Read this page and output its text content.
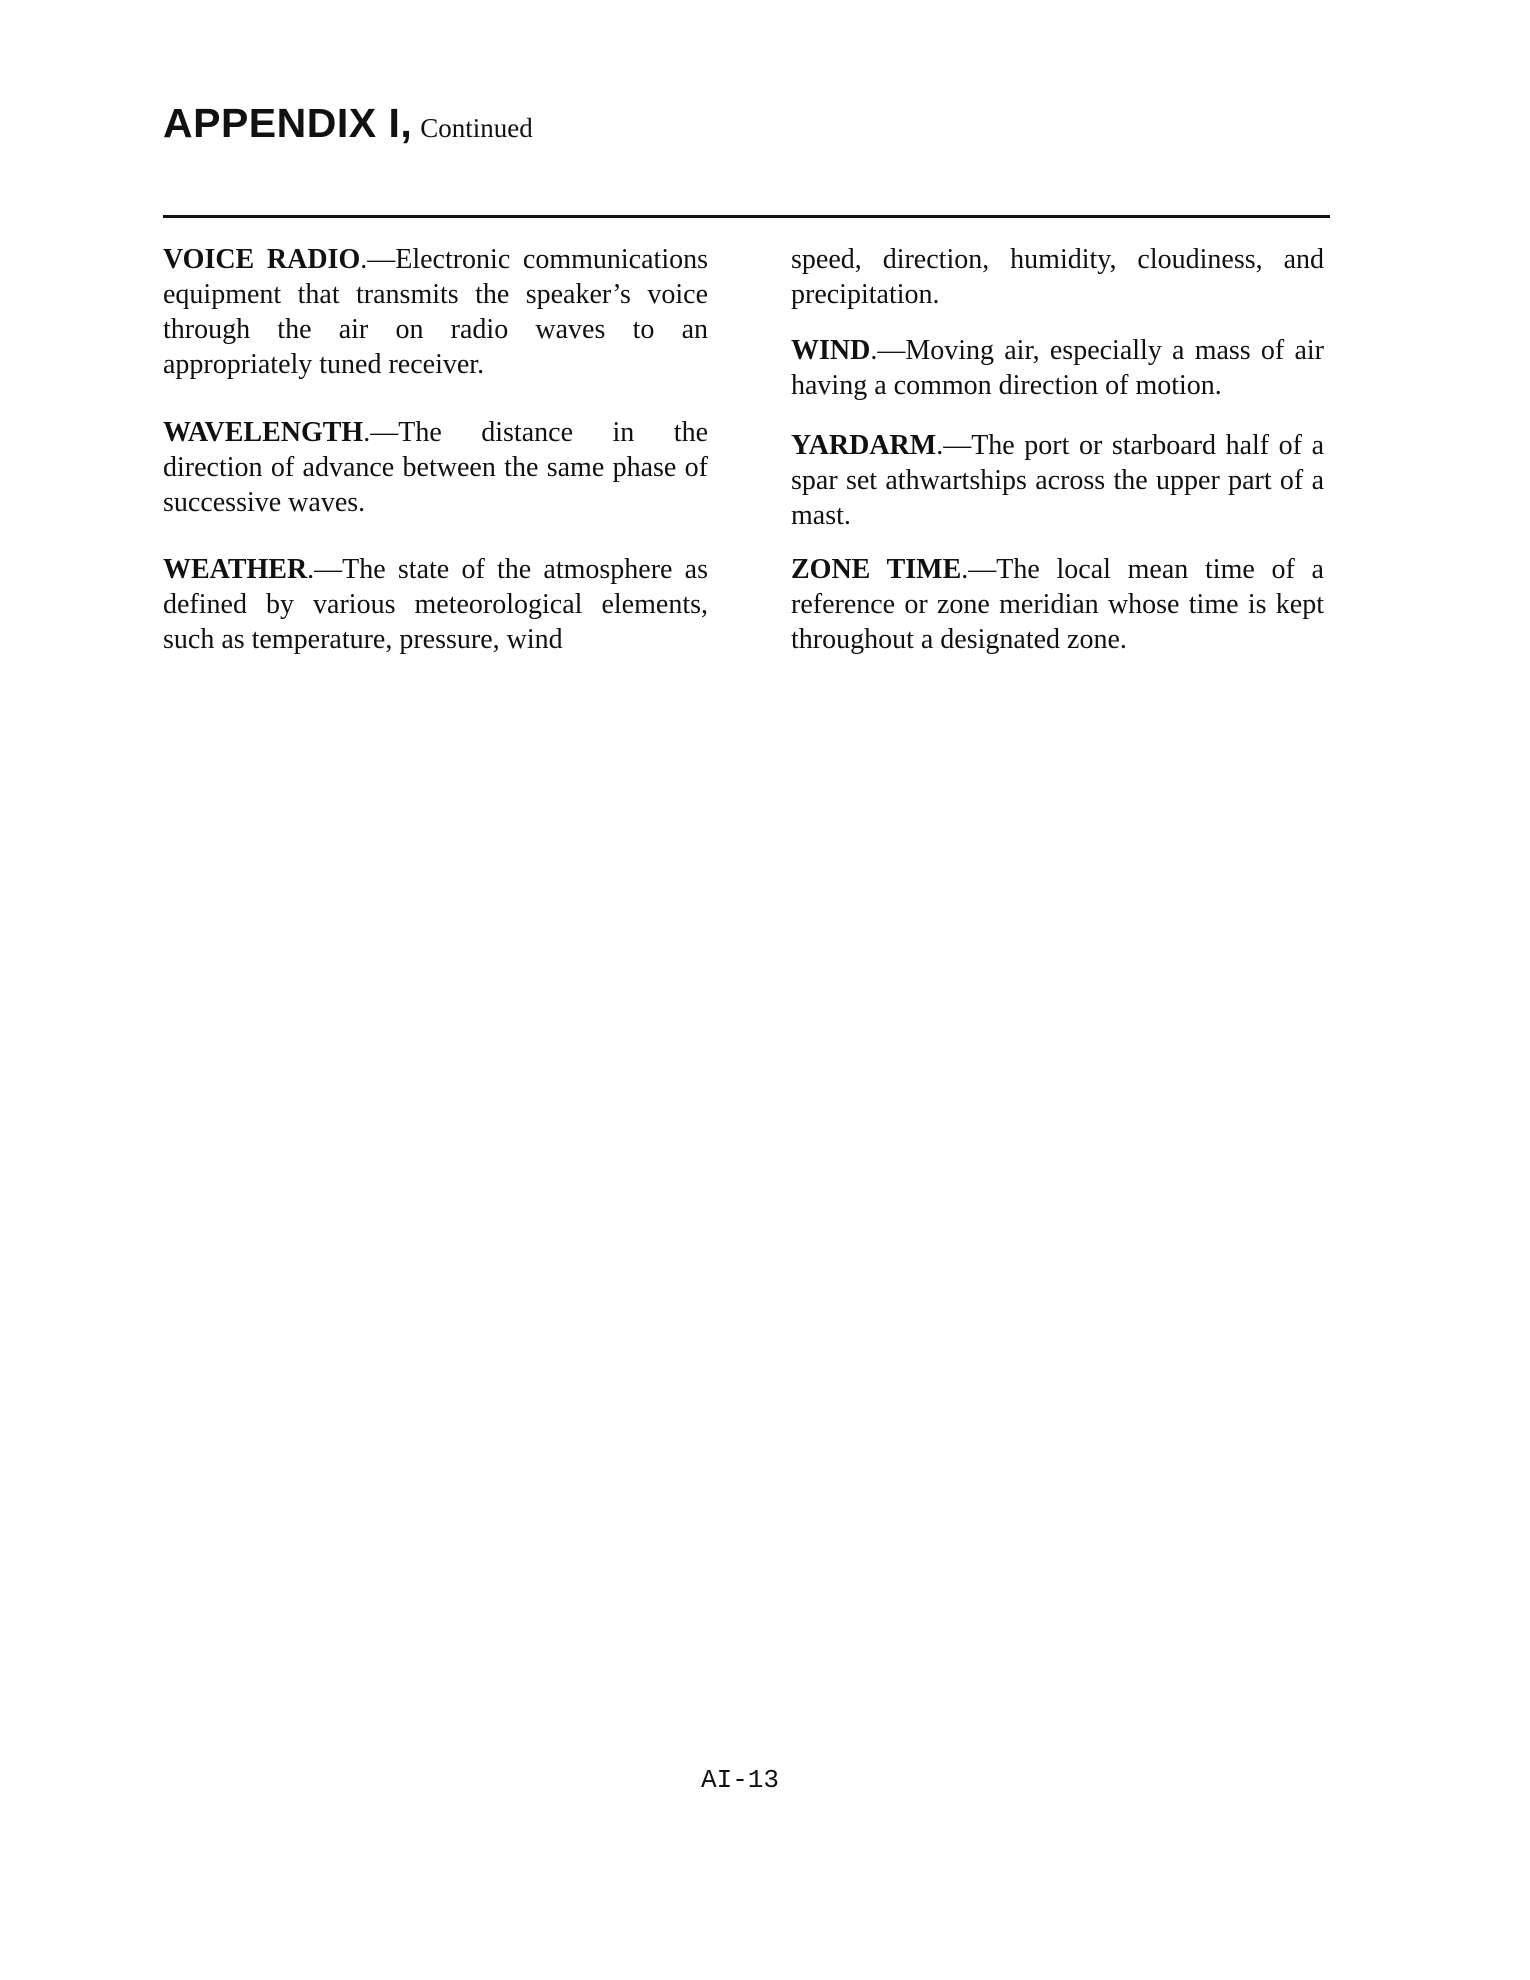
APPENDIX I, Continued

VOICE RADIO.—Electronic communications equipment that transmits the speaker’s voice through the air on radio waves to an appropriately tuned receiver.

WAVELENGTH.—The distance in the direction of advance between the same phase of successive waves.

WEATHER.—The state of the atmosphere as defined by various meteorological elements, such as temperature, pressure, wind

speed, direction, humidity, cloudiness, and precipitation.

WIND.—Moving air, especially a mass of air having a common direction of motion.

YARDARM.—The port or starboard half of a spar set athwartships across the upper part of a mast.

ZONE TIME.—The local mean time of a reference or zone meridian whose time is kept throughout a designated zone.

AI-13
